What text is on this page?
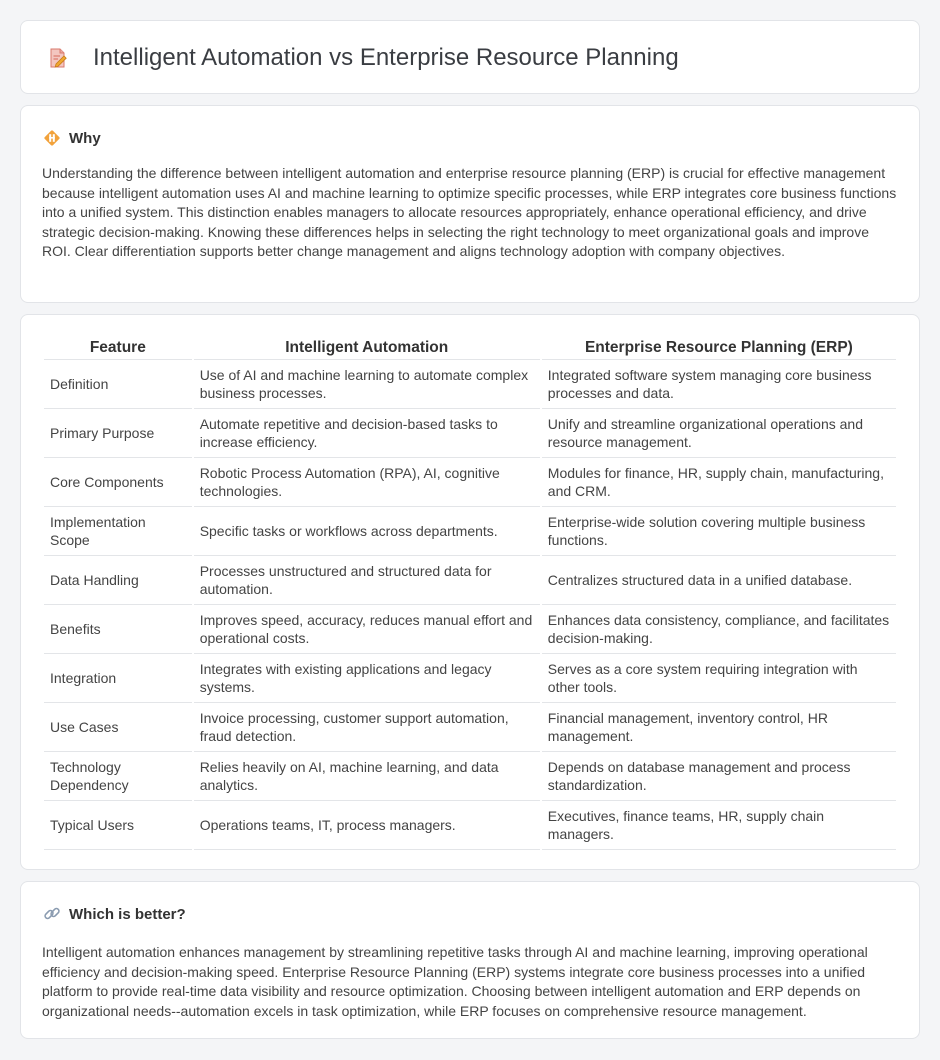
Intelligent Automation vs Enterprise Resource Planning
Why

Understanding the difference between intelligent automation and enterprise resource planning (ERP) is crucial for effective management because intelligent automation uses AI and machine learning to optimize specific processes, while ERP integrates core business functions into a unified system. This distinction enables managers to allocate resources appropriately, enhance operational efficiency, and drive strategic decision-making. Knowing these differences helps in selecting the right technology to meet organizational goals and improve ROI. Clear differentiation supports better change management and aligns technology adoption with company objectives.

Feature	Intelligent Automation	Enterprise Resource Planning (ERP)
Definition	Use of AI and machine learning to automate complex business processes.	Integrated software system managing core business processes and data.
Primary Purpose	Automate repetitive and decision-based tasks to increase efficiency.	Unify and streamline organizational operations and resource management.
Core Components	Robotic Process Automation (RPA), AI, cognitive technologies.	Modules for finance, HR, supply chain, manufacturing, and CRM.
Implementation Scope	Specific tasks or workflows across departments.	Enterprise-wide solution covering multiple business functions.
Data Handling	Processes unstructured and structured data for automation.	Centralizes structured data in a unified database.
Benefits	Improves speed, accuracy, reduces manual effort and operational costs.	Enhances data consistency, compliance, and facilitates decision-making.
Integration	Integrates with existing applications and legacy systems.	Serves as a core system requiring integration with other tools.
Use Cases	Invoice processing, customer support automation, fraud detection.	Financial management, inventory control, HR management.
Technology Dependency	Relies heavily on AI, machine learning, and data analytics.	Depends on database management and process standardization.
Typical Users	Operations teams, IT, process managers.	Executives, finance teams, HR, supply chain managers.
Which is better?

Intelligent automation enhances management by streamlining repetitive tasks through AI and machine learning, improving operational efficiency and decision-making speed. Enterprise Resource Planning (ERP) systems integrate core business processes into a unified platform to provide real-time data visibility and resource optimization. Choosing between intelligent automation and ERP depends on organizational needs--automation excels in task optimization, while ERP focuses on comprehensive resource management.
